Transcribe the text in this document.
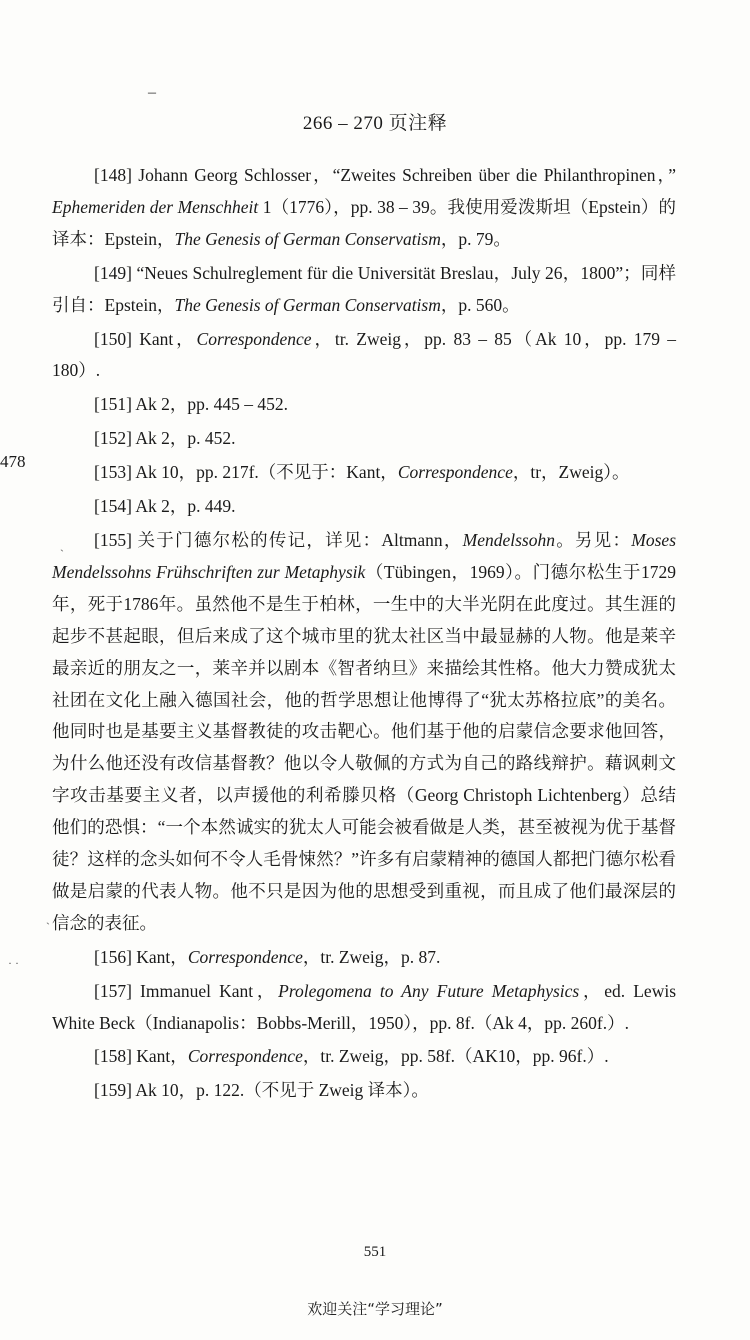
–
266 – 270 页注释
478
`
`
· ·

[148] Johann Georg Schlosser，“Zweites Schreiben über die Philanthropinen，” Ephemeriden der Menschheit 1（1776），pp. 38 – 39。我使用爱泼斯坦（Epstein）的译本：Epstein，The Genesis of German Conservatism，p. 79。

[149] “Neues Schulreglement für die Universität Breslau，July 26，1800”；同样引自：Epstein，The Genesis of German Conservatism，p. 560。

[150] Kant，Correspondence，tr. Zweig，pp. 83 – 85（Ak 10，pp. 179 – 180）.

[151] Ak 2，pp. 445 – 452.

[152] Ak 2，p. 452.

[153] Ak 10，pp. 217f.（不见于：Kant，Correspondence，tr，Zweig）。

[154] Ak 2，p. 449.

[155] 关于门德尔松的传记，详见：Altmann，Mendelssohn。另见：Moses Mendelssohns Frühschriften zur Metaphysik（Tübingen，1969）。门德尔松生于1729年，死于1786年。虽然他不是生于柏林，一生中的大半光阴在此度过。其生涯的起步不甚起眼，但后来成了这个城市里的犹太社区当中最显赫的人物。他是莱辛最亲近的朋友之一，莱辛并以剧本《智者纳旦》来描绘其性格。他大力赞成犹太社团在文化上融入德国社会，他的哲学思想让他博得了“犹太苏格拉底”的美名。他同时也是基要主义基督教徒的攻击靶心。他们基于他的启蒙信念要求他回答，为什么他还没有改信基督教？他以令人敬佩的方式为自己的路线辩护。藉讽刺文字攻击基要主义者，以声援他的利希滕贝格（Georg Christoph Lichtenberg）总结他们的恐惧：“一个本然诚实的犹太人可能会被看做是人类，甚至被视为优于基督徒？这样的念头如何不令人毛骨悚然？”许多有启蒙精神的德国人都把门德尔松看做是启蒙的代表人物。他不只是因为他的思想受到重视，而且成了他们最深层的信念的表征。

[156] Kant，Correspondence，tr. Zweig，p. 87.

[157] Immanuel Kant，Prolegomena to Any Future Metaphysics，ed. Lewis White Beck（Indianapolis：Bobbs-Merill，1950），pp. 8f.（Ak 4，pp. 260f.）.

[158] Kant，Correspondence，tr. Zweig，pp. 58f.（AK10，pp. 96f.）.

[159] Ak 10，p. 122.（不见于 Zweig 译本）。

551
欢迎关注“学习理论”
